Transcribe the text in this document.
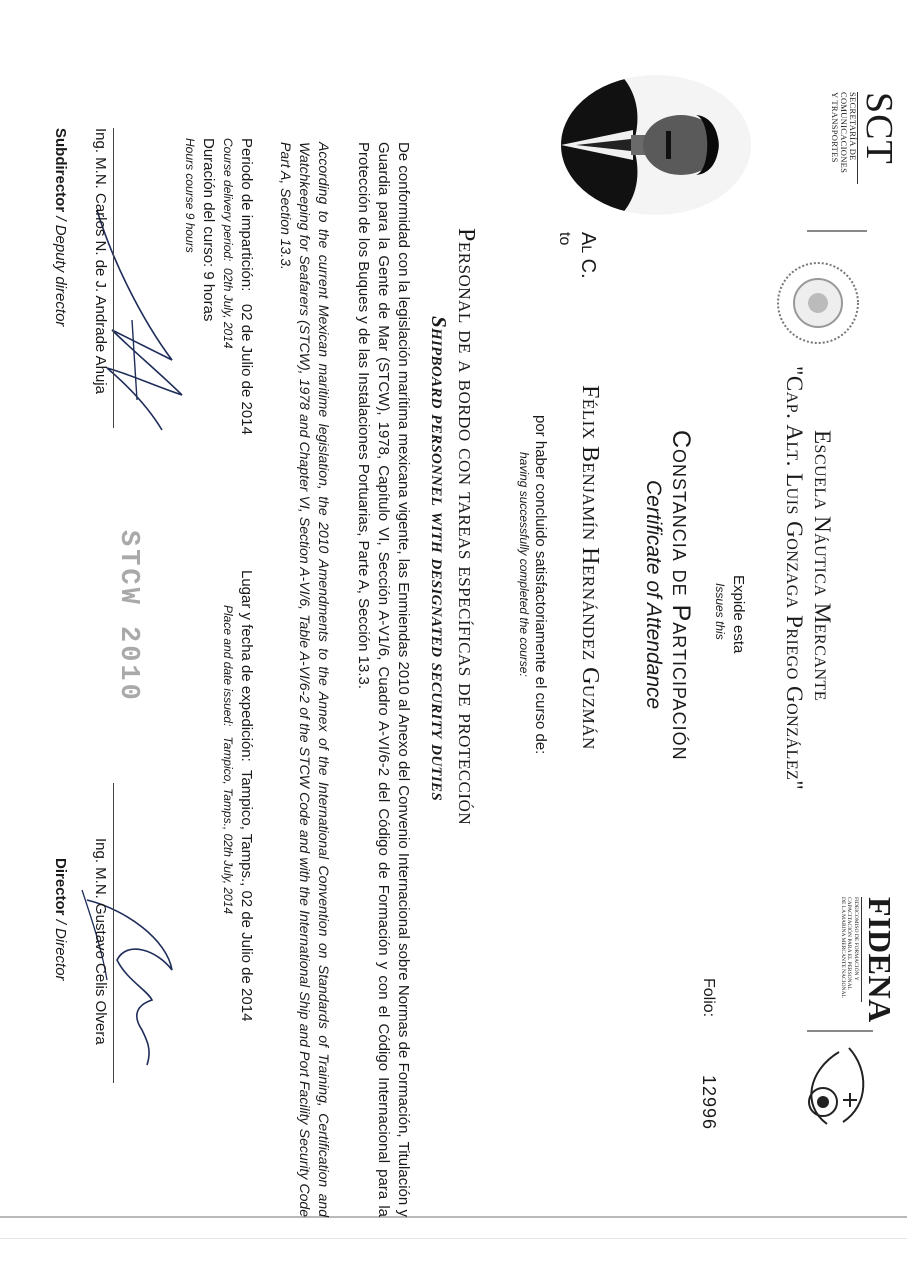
SCT
SECRETARÍA DE
COMUNICACIONES
Y TRANSPORTES
FIDENA
FIDEICOMISO DE FORMACIÓN Y
CAPACITACIÓN PARA EL PERSONAL
DE LA MARINA MERCANTE NACIONAL
Escuela Náutica Mercante
"Cap. Alt. Luis Gonzaga Priego González"
Expide esta
Issues this
Folio:
12996
Constancia de Participación
Certificate of Attendance
Al C.
to
Félix Benjamín Hernández Guzmán
por haber concluido satisfactoriamente el curso de:
having successfully completed the course:
Personal de a bordo con tareas específicas de protección
Shipboard personnel with designated security duties
De conformidad con la legislación marítima mexicana vigente, las Enmiendas 2010 al Anexo del Convenio Internacional sobre Normas de Formación, Titulación y Guardia para la Gente de Mar (STCW), 1978, Capítulo VI, Sección A-V1/6, Cuadro A-VI/6-2 del Código de Formación y con el Código Internacional para la Protección de los Buques y de las Instalaciones Portuarias, Parte A, Sección 13.3.
According to the current Mexican maritime legislation, the 2010 Amendments to the Annex of the International Convention on Standards of Training, Certification and Watchkeeping for Seafarers (STCW), 1978 and Chapter VI, Section A-VI/6, Table A-VI/6-2 of the STCW Code and with the International Ship and Port Facility Security Code Part A, Section 13.3.
Periodo de impartición:   02 de Julio de 2014
Course delivery period:  02th July, 2014
Duración del curso: 9 horas
Hours course 9 hours
Lugar y fecha de expedición:  Tampico, Tamps., 02 de Julio de 2014
Place and date issued:   Tampico, Tamps., 02th July, 2014
STCW 2010
Ing. M.N. Carlos N. de J. Andrade Ahuja
Subdirector / Deputy director
Ing. M.N. Gustavo Celis Olvera
Director / Director
